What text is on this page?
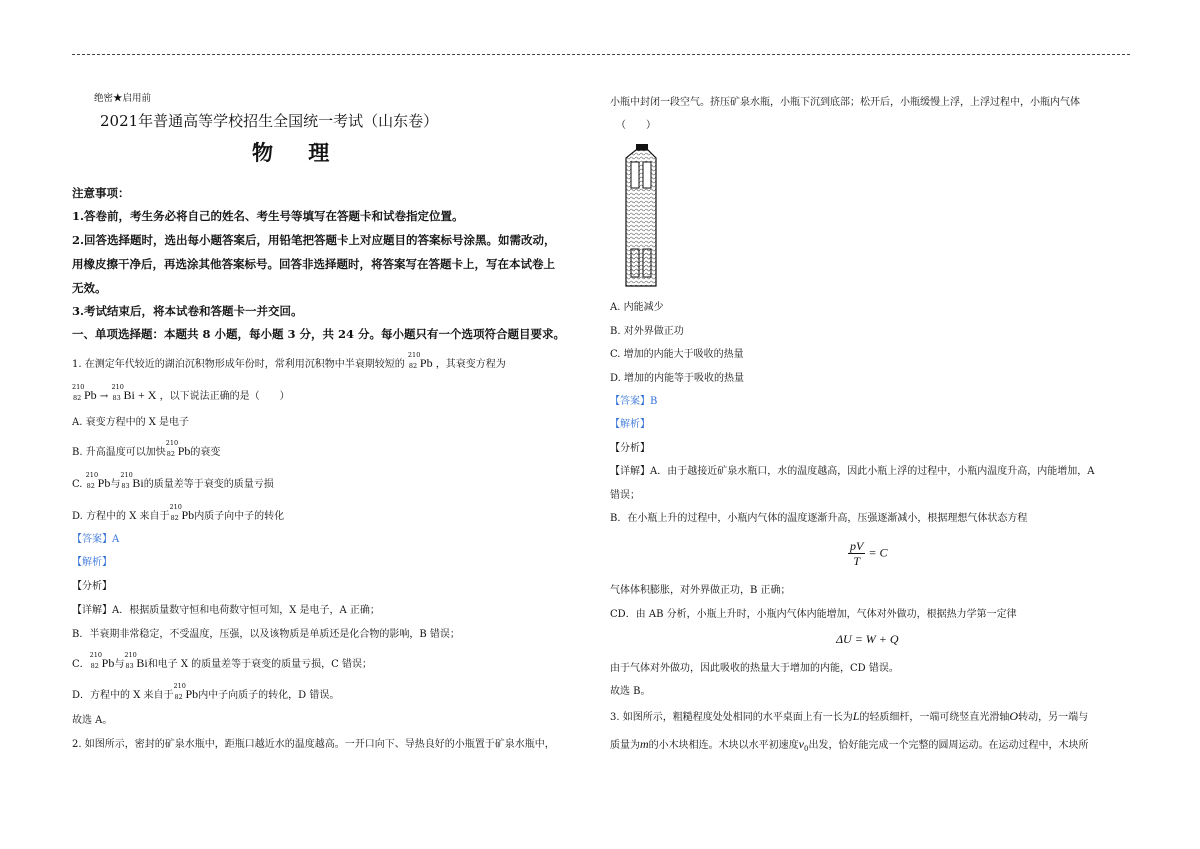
绝密★启用前
2021年普通高等学校招生全国统一考试（山东卷）
物 理
注意事项：
1.答卷前，考生务必将自己的姓名、考生号等填写在答题卡和试卷指定位置。
2.回答选择题时，选出每小题答案后，用铅笔把答题卡上对应题目的答案标号涂黑。如需改动，
用橡皮擦干净后，再选涂其他答案标号。回答非选择题时，将答案写在答题卡上，写在本试卷上
无效。
3.考试结束后，将本试卷和答题卡一并交回。
一、单项选择题：本题共 8 小题，每小题 3 分，共 24 分。每小题只有一个选项符合题目要求。
1. 在测定年代较近的湖泊沉积物形成年份时，常利用沉积物中半衰期较短的
210
82 Pb ，其衰变方程为
210
82 Pb →
210
83 Bi + X ，以下说法正确的是（　　）
A. 衰变方程中的 X 是电子
B. 升高温度可以加快
210
82 Pb的衰变
C.
210
82 Pb与
210
83 Bi的质量差等于衰变的质量亏损
D. 方程中的 X 来自于
210
82 Pb内质子向中子的转化
【答案】A
【解析】
【分析】
【详解】A．根据质量数守恒和电荷数守恒可知，X 是电子，A 正确；
B．半衰期非常稳定，不受温度，压强，以及该物质是单质还是化合物的影响，B 错误；
C．
210
82 Pb与
210
83 Bi和电子 X 的质量差等于衰变的质量亏损，C 错误；
D．方程中的 X 来自于
210
82 Pb内中子向质子的转化，D 错误。
故选 A。
2. 如图所示，密封的矿泉水瓶中，距瓶口越近水的温度越高。一开口向下、导热良好的小瓶置于矿泉水瓶中，
小瓶中封闭一段空气。挤压矿泉水瓶，小瓶下沉到底部；松开后，小瓶缓慢上浮，上浮过程中，小瓶内气体
（　　）
A. 内能减少
B. 对外界做正功
C. 增加的内能大于吸收的热量
D. 增加的内能等于吸收的热量
【答案】B
【解析】
【分析】
【详解】A．由于越接近矿泉水瓶口，水的温度越高，因此小瓶上浮的过程中，小瓶内温度升高，内能增加，A
错误；
B．在小瓶上升的过程中，小瓶内气体的温度逐渐升高，压强逐渐减小，根据理想气体状态方程
$\frac{pV}{T} = C$
气体体积膨胀，对外界做正功，B 正确；
CD．由 AB 分析，小瓶上升时，小瓶内气体内能增加，气体对外做功，根据热力学第一定律
ΔU = W + Q
由于气体对外做功，因此吸收的热量大于增加的内能，CD 错误。
故选 B。
3. 如图所示，粗糙程度处处相同的水平桌面上有一长为L的轻质细杆，一端可绕竖直光滑轴O转动，另一端与
质量为m的小木块相连。木块以水平初速度$v_0$出发，恰好能完成一个完整的圆周运动。在运动过程中，木块所
